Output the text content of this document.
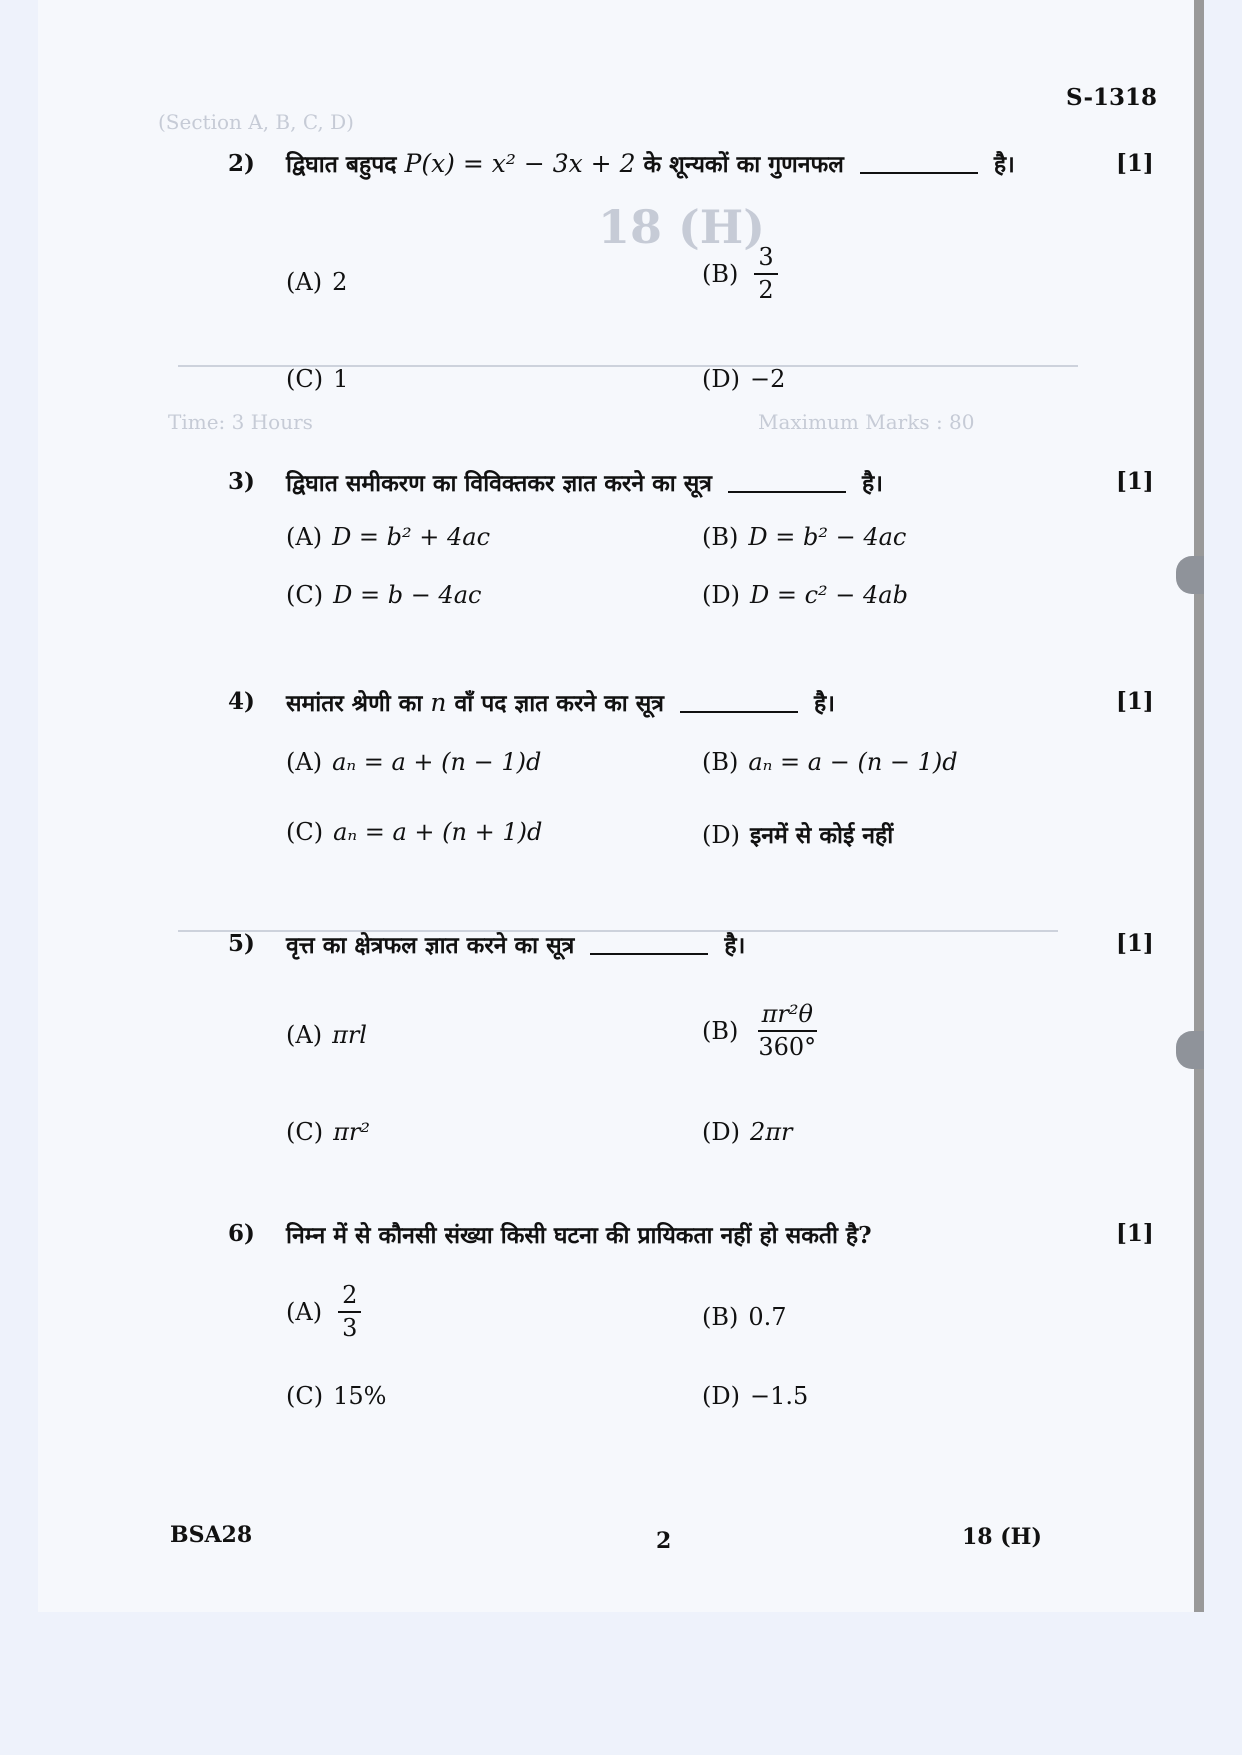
18 (H)
(Section A, B, C, D)
Time: 3 Hours	Maximum Marks : 80
S-1318
2) द्विघात बहुपद P(x) = x² − 3x + 2 के शून्यकों का गुणनफल	है।	[1]
(A) 2	$(B) \frac{3}{2}$
(C) 1	(D) −2
3) द्विघात समीकरण का विविक्तकर ज्ञात करने का सूत्र	है।	[1]
(A) D = b² + 4ac	(B) D = b² − 4ac
(C) D = b − 4ac	(D) D = c² − 4ab
4) समांतर श्रेणी का n वाँ पद ज्ञात करने का सूत्र	है।	[1]
(A) aₙ = a + (n − 1)d	(B) aₙ = a − (n − 1)d
(C) aₙ = a + (n + 1)d	(D) इनमें से कोई नहीं
5) वृत्त का क्षेत्रफल ज्ञात करने का सूत्र	है।	[1]
(A) πrl	$(B) \frac{\text{πr²θ}}{360^\circ}$
(C) πr²	(D) 2πr
6) निम्न में से कौनसी संख्या किसी घटना की प्रायिकता नहीं हो सकती है?	[1]
$(A) \frac{2}{3}$	(B) 0.7
(C) 15%	(D) −1.5
BSA28	2	18 (H)
